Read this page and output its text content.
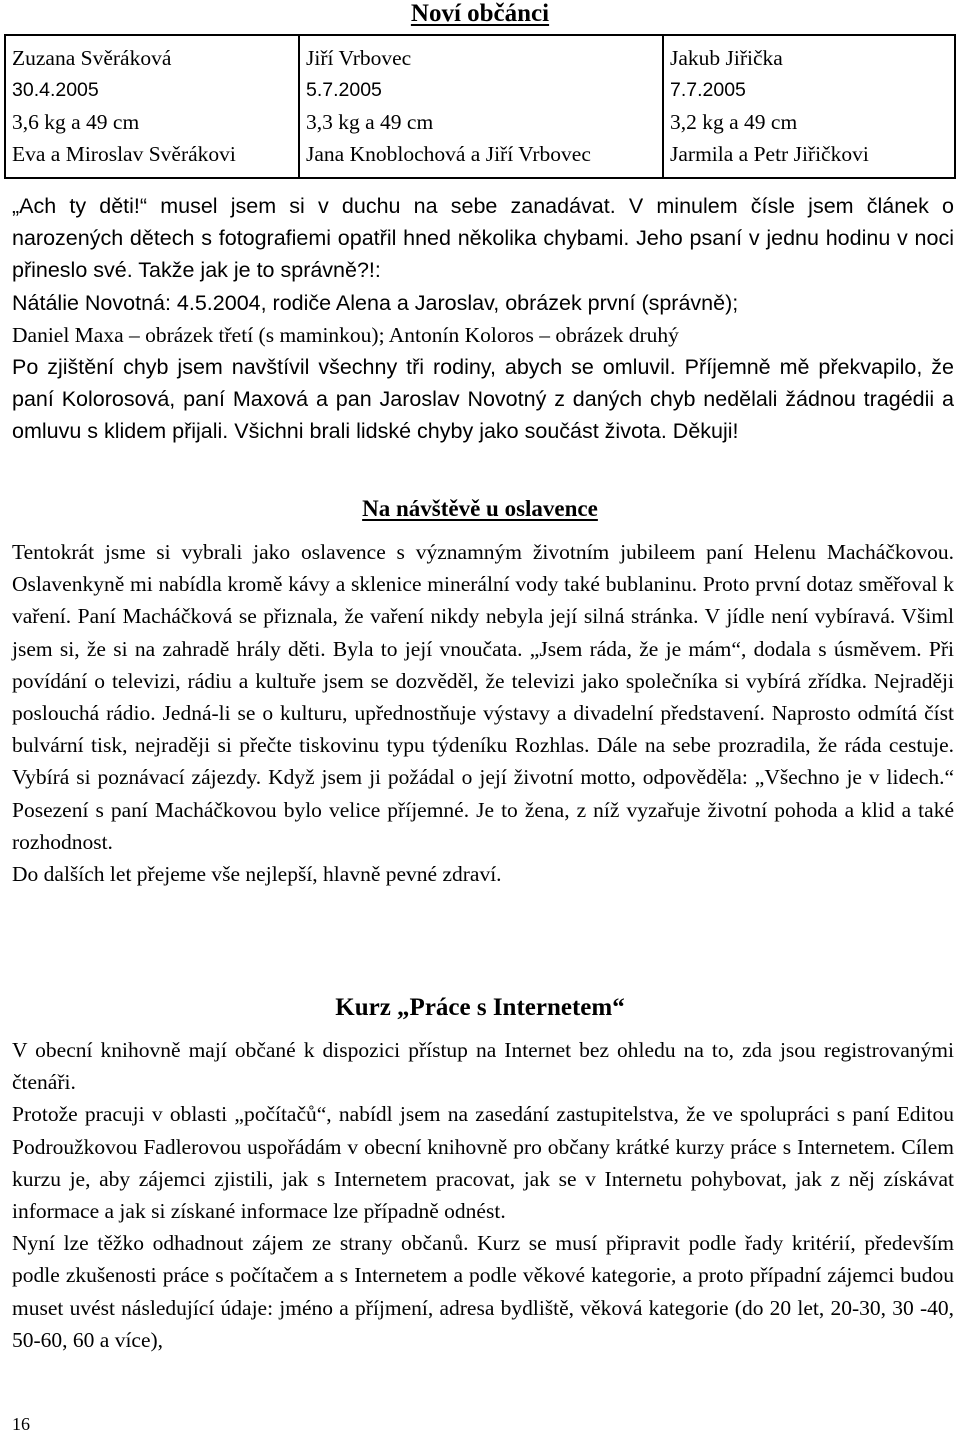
Noví občánci
Zuzana Svěráková
30.4.2005
3,6 kg a 49 cm
Eva a Miroslav Svěrákovi

Jiří Vrbovec
5.7.2005
3,3 kg a 49 cm
Jana Knoblochová a Jiří Vrbovec

Jakub Jiřička
7.7.2005
3,2 kg a 49 cm
Jarmila a Petr Jiřičkovi

„Ach ty děti!“ musel jsem si v duchu na sebe zanadávat. V minulem čísle jsem článek o narozených dětech s fotografiemi opatřil hned několika chybami. Jeho psaní v jednu hodinu v noci přineslo své. Takže jak je to správně?!:

Nátálie Novotná: 4.5.2004, rodiče Alena a Jaroslav, obrázek první (správně);

Daniel Maxa – obrázek třetí (s maminkou); Antonín Koloros – obrázek druhý

Po zjištění chyb jsem navštívil všechny tři rodiny, abych se omluvil. Příjemně mě překvapilo, že paní Kolorosová, paní Maxová a pan Jaroslav Novotný z daných chyb nedělali žádnou tragédii a omluvu s klidem přijali. Všichni brali lidské chyby jako součást života. Děkuji!

Na návštěvě u oslavence

Tentokrát jsme si vybrali jako oslavence s významným životním jubileem paní Helenu Macháčkovou. Oslavenkyně mi nabídla kromě kávy a sklenice minerální vody také bublaninu. Proto první dotaz směřoval k vaření. Paní Macháčková se přiznala, že vaření nikdy nebyla její silná stránka. V jídle není vybíravá. Všiml jsem si, že si na zahradě hrály děti. Byla to její vnoučata. „Jsem ráda, že je mám“, dodala s úsměvem. Při povídání o televizi, rádiu a kultuře jsem se dozvěděl, že televizi jako společníka si vybírá zřídka. Nejraději poslouchá rádio. Jedná-li se o kulturu, upřednostňuje výstavy a divadelní představení. Naprosto odmítá číst bulvární tisk, nejraději si přečte tiskovinu typu týdeníku Rozhlas. Dále na sebe prozradila, že ráda cestuje. Vybírá si poznávací zájezdy. Když jsem ji požádal o její životní motto, odpověděla: „Všechno je v lidech.“ Posezení s paní Macháčkovou bylo velice příjemné. Je to žena, z níž vyzařuje životní pohoda a klid a také rozhodnost.

Do dalších let přejeme vše nejlepší, hlavně pevné zdraví.

Kurz „Práce s Internetem“

V obecní knihovně mají občané k dispozici přístup na Internet bez ohledu na to, zda jsou registrovanými čtenáři.

Protože pracuji v oblasti „počítačů“, nabídl jsem na zasedání zastupitelstva, že ve spolupráci s paní Editou Podroužkovou Fadlerovou uspořádám v obecní knihovně pro občany krátké kurzy práce s Internetem. Cílem kurzu je, aby zájemci zjistili, jak s Internetem pracovat, jak se v Internetu pohybovat, jak z něj získávat informace a jak si získané informace lze případně odnést.

Nyní lze těžko odhadnout zájem ze strany občanů. Kurz se musí připravit podle řady kritérií, především podle zkušenosti práce s počítačem a s Internetem a podle věkové kategorie, a proto případní zájemci budou muset uvést následující údaje: jméno a příjmení, adresa bydliště, věková kategorie (do 20 let, 20-30, 30 -40, 50-60, 60 a více),

16
